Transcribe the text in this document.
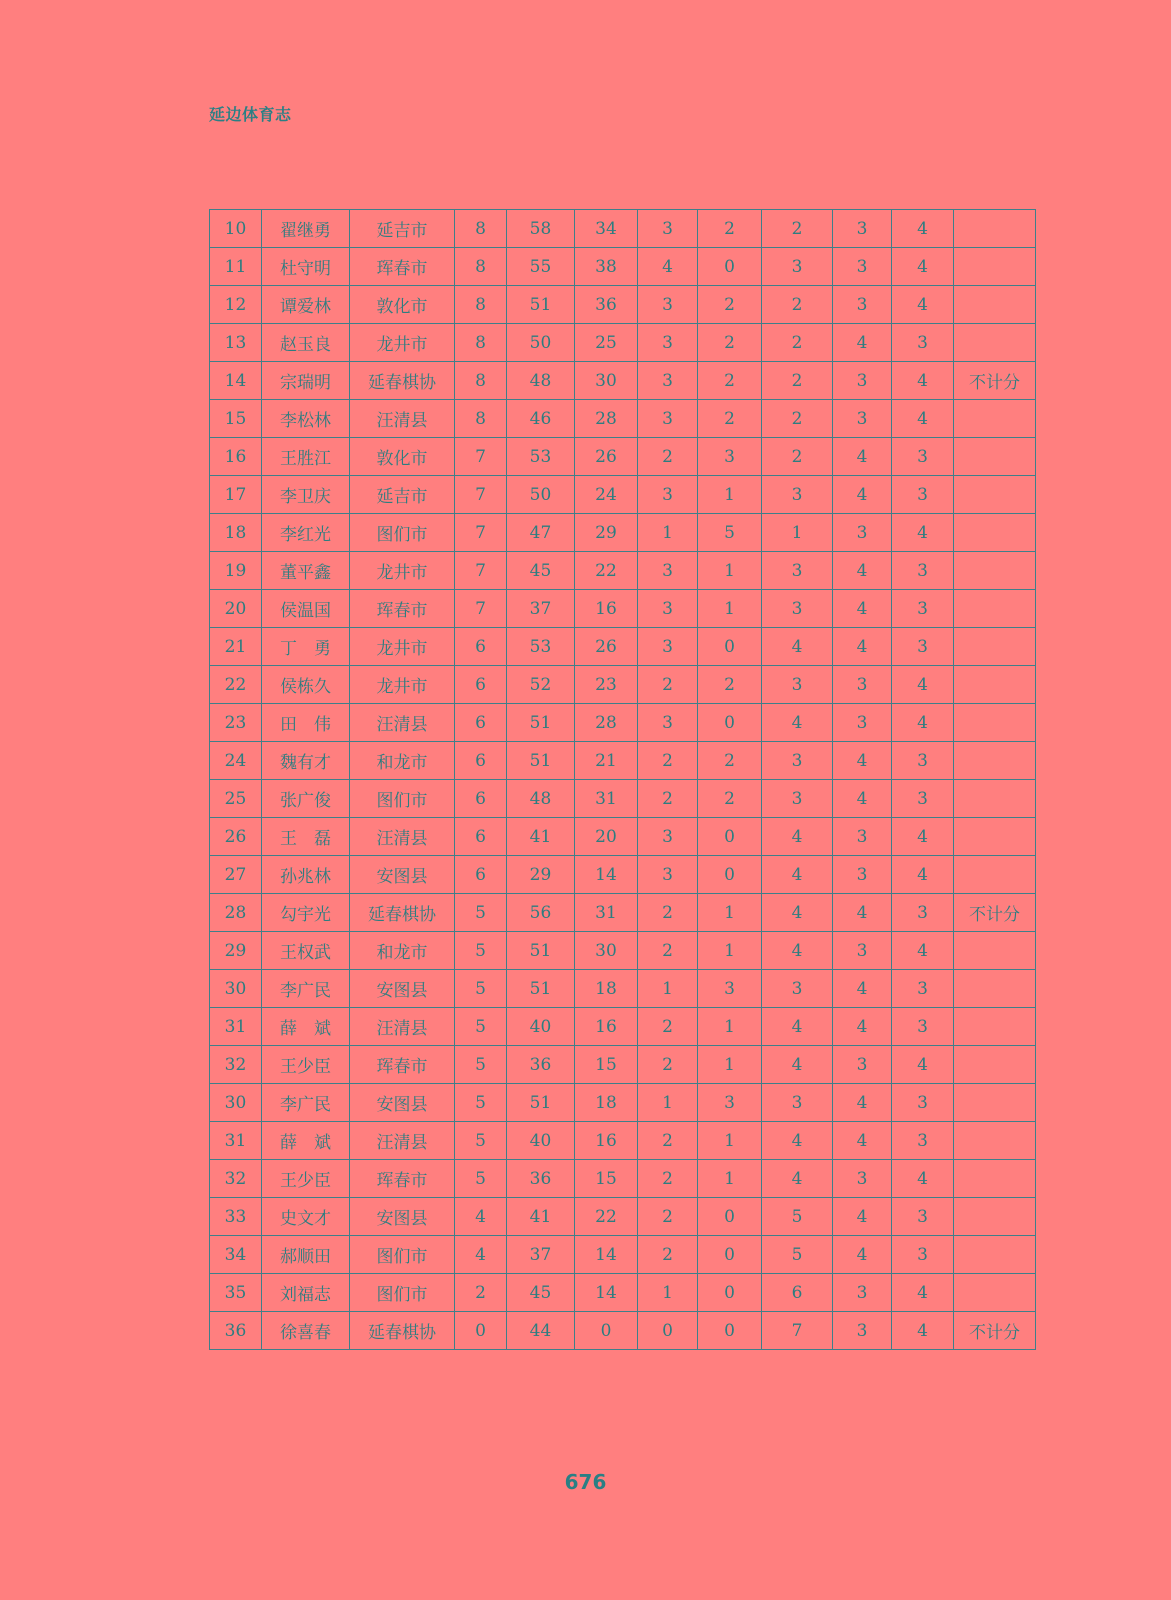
延边体育志
10	翟继勇	延吉市	8	58	34	3	2	2	3	4	
11	杜守明	珲春市	8	55	38	4	0	3	3	4	
12	谭爱林	敦化市	8	51	36	3	2	2	3	4	
13	赵玉良	龙井市	8	50	25	3	2	2	4	3	
14	宗瑞明	延春棋协	8	48	30	3	2	2	3	4	不计分
15	李松林	汪清县	8	46	28	3	2	2	3	4	
16	王胜江	敦化市	7	53	26	2	3	2	4	3	
17	李卫庆	延吉市	7	50	24	3	1	3	4	3	
18	李红光	图们市	7	47	29	1	5	1	3	4	
19	董平鑫	龙井市	7	45	22	3	1	3	4	3	
20	侯温国	珲春市	7	37	16	3	1	3	4	3	
21	丁　勇	龙井市	6	53	26	3	0	4	4	3	
22	侯栋久	龙井市	6	52	23	2	2	3	3	4	
23	田　伟	汪清县	6	51	28	3	0	4	3	4	
24	魏有才	和龙市	6	51	21	2	2	3	4	3	
25	张广俊	图们市	6	48	31	2	2	3	4	3	
26	王　磊	汪清县	6	41	20	3	0	4	3	4	
27	孙兆林	安图县	6	29	14	3	0	4	3	4	
28	勾宇光	延春棋协	5	56	31	2	1	4	4	3	不计分
29	王权武	和龙市	5	51	30	2	1	4	3	4	
30	李广民	安图县	5	51	18	1	3	3	4	3	
31	薛　斌	汪清县	5	40	16	2	1	4	4	3	
32	王少臣	珲春市	5	36	15	2	1	4	3	4	
30	李广民	安图县	5	51	18	1	3	3	4	3	
31	薛　斌	汪清县	5	40	16	2	1	4	4	3	
32	王少臣	珲春市	5	36	15	2	1	4	3	4	
33	史文才	安图县	4	41	22	2	0	5	4	3	
34	郝顺田	图们市	4	37	14	2	0	5	4	3	
35	刘福志	图们市	2	45	14	1	0	6	3	4	
36	徐喜春	延春棋协	0	44	0	0	0	7	3	4	不计分
676
